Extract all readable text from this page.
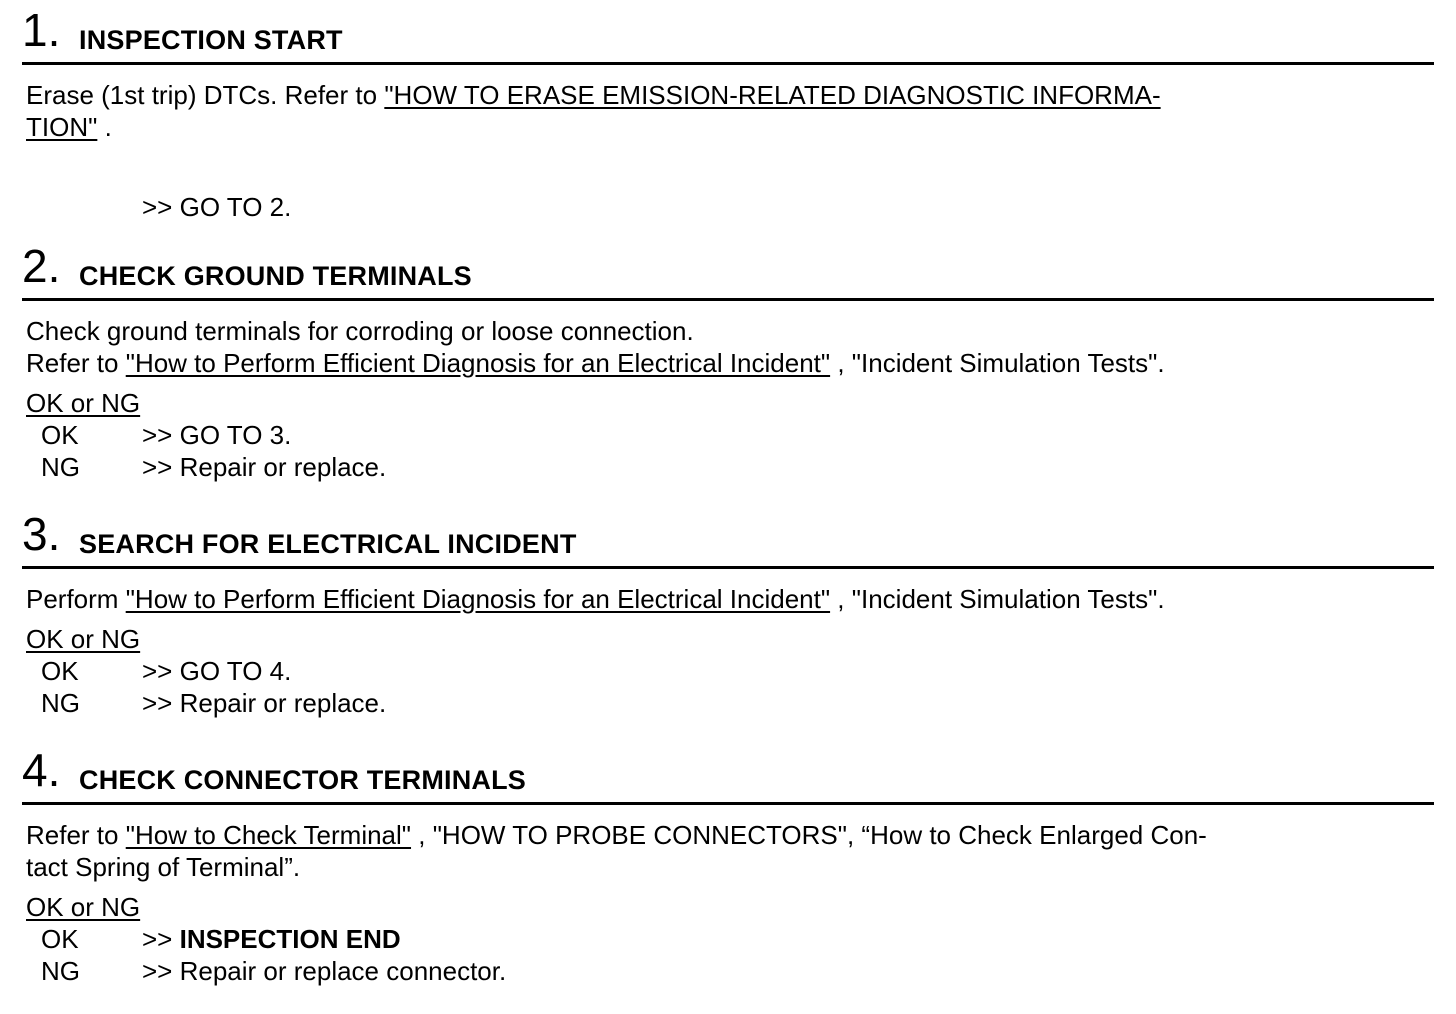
1. INSPECTION START

Erase (1st trip) DTCs. Refer to "HOW TO ERASE EMISSION-RELATED DIAGNOSTIC INFORMA-

TION" .

>> GO TO 2.
2. CHECK GROUND TERMINALS

Check ground terminals for corroding or loose connection.

Refer to "How to Perform Efficient Diagnosis for an Electrical Incident" , "Incident Simulation Tests".

OK or NG
OK >> GO TO 3.
NG >> Repair or replace.
3. SEARCH FOR ELECTRICAL INCIDENT

Perform "How to Perform Efficient Diagnosis for an Electrical Incident" , "Incident Simulation Tests".

OK or NG
OK >> GO TO 4.
NG >> Repair or replace.
4. CHECK CONNECTOR TERMINALS

Refer to "How to Check Terminal" , "HOW TO PROBE CONNECTORS", “How to Check Enlarged Con-

tact Spring of Terminal”.

OK or NG
OK >> INSPECTION END
NG >> Repair or replace connector.
